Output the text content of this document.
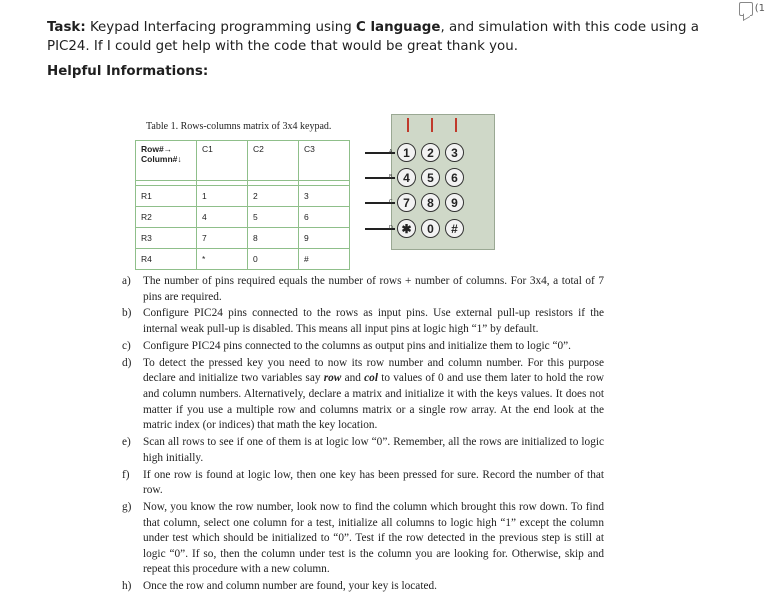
(1
Task: Keypad Interfacing programming using C language, and simulation with this code using a PIC24. If I could get help with the code that would be great thank you.
Helpful Informations:
Table 1. Rows-columns matrix of 3x4 keypad.
Row#→
Column#↓	C1	C2	C3

R1	1	2	3
R2	4	5	6
R3	7	8	9
R4	*	0	#
A
B
C
D
1	2	3
4	5	6
7	8	9
✱	0	#
a)	The number of pins required equals the number of rows + number of columns. For 3x4, a total of 7 pins are required.
b)	Configure PIC24 pins connected to the rows as input pins. Use external pull-up resistors if the internal weak pull-up is disabled. This means all input pins at logic high “1” by default.
c)	Configure PIC24 pins connected to the columns as output pins and initialize them to logic “0”.
d)	To detect the pressed key you need to now its row number and column number. For this purpose declare and initialize two variables say row and col to values of 0 and use them later to hold the row and column numbers. Alternatively, declare a matrix and initialize it with the keys values. It does not matter if you use a multiple row and columns matrix or a single row array. At the end look at the matric index (or indices) that math the key location.
e)	Scan all rows to see if one of them is at logic low “0”. Remember, all the rows are initialized to logic high initially.
f)	If one row is found at logic low, then one key has been pressed for sure. Record the number of that row.
g)	Now, you know the row number, look now to find the column which brought this row down. To find that column, select one column for a test, initialize all columns to logic high “1” except the column under test which should be initialized to “0”. Test if the row detected in the previous step is still at logic “0”. If so, then the column under test is the column you are looking for. Otherwise, skip and repeat this procedure with a new column.
h)	Once the row and column number are found, your key is located.
